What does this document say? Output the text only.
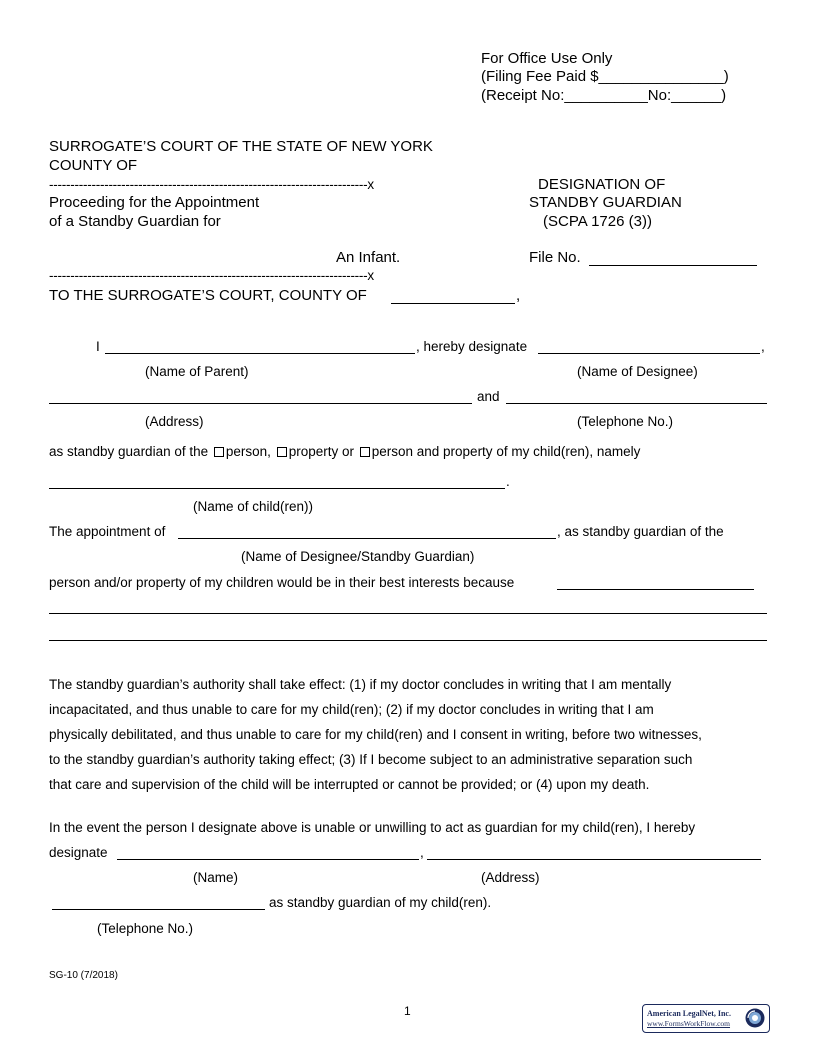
For Office Use Only
(Filing Fee Paid $_______________)
(Receipt No:__________No:______)
SURROGATE’S COURT OF THE STATE OF NEW YORK
COUNTY OF
---------------------------------------------------------------------------x
Proceeding for the Appointment
of a Standby Guardian for
An Infant.
---------------------------------------------------------------------------x
DESIGNATION OF
STANDBY GUARDIAN
(SCPA 1726 (3))
File No.
TO THE SURROGATE’S COURT, COUNTY OF	,
I	, hereby designate	,
(Name of Parent)	(Name of Designee)
and
(Address)	(Telephone No.)
as standby guardian of the person, property or person and property of my child(ren), namely
.
(Name of child(ren))
The appointment of	, as standby guardian of the
(Name of Designee/Standby Guardian)
person and/or property of my children would be in their best interests because
The standby guardian’s authority shall take effect: (1) if my doctor concludes in writing that I am mentally
incapacitated, and thus unable to care for my child(ren); (2) if my doctor concludes in writing that I am
physically debilitated, and thus unable to care for my child(ren) and I consent in writing, before two witnesses,
to the standby guardian’s authority taking effect; (3) If I become subject to an administrative separation such
that care and supervision of the child will be interrupted or cannot be provided; or (4) upon my death.
In the event the person I designate above is unable or unwilling to act as guardian for my child(ren), I hereby
designate	,
(Name)	(Address)
as standby guardian of my child(ren).
(Telephone No.)
SG-10 (7/2018)
1	American LegalNet, Inc.
www.FormsWorkFlow.com
